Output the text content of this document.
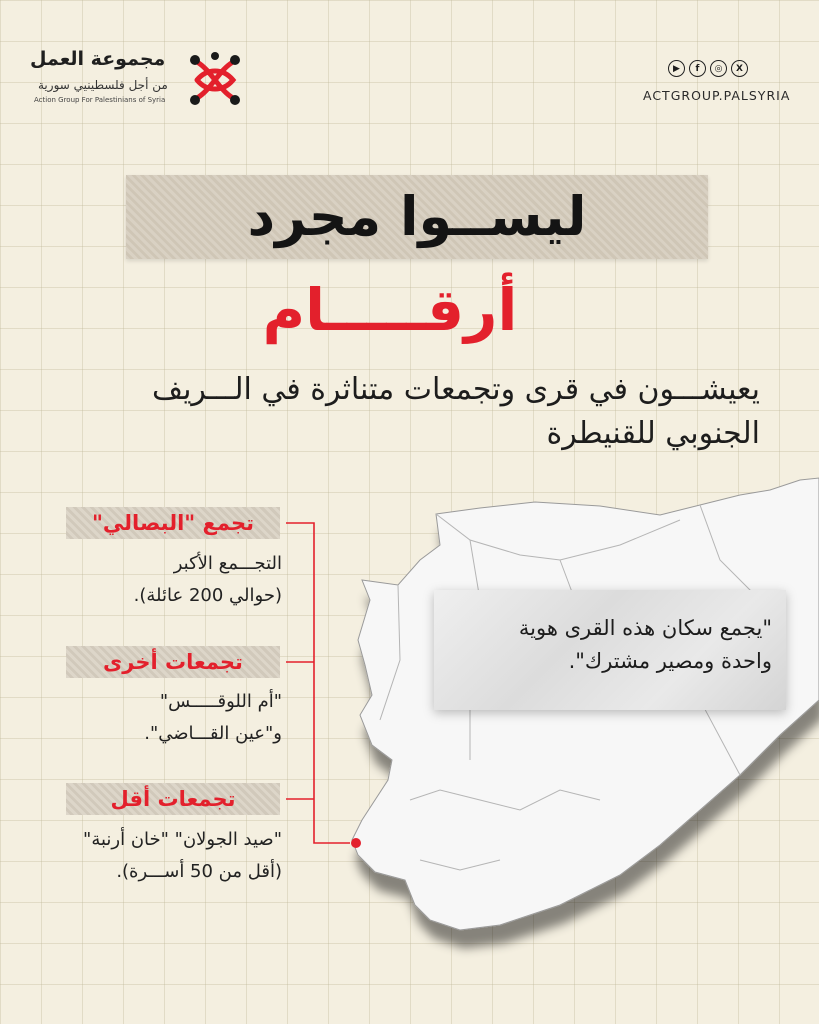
مجموعة العمل
من أجل فلسطينيي سورية
Action Group For Palestinians of Syria
▶	f	◎	X
ACTGROUP.PALSYRIA
ليســوا مجرد
أرقـــــام
يعيشـــون في قرى وتجمعات متناثرة في الـــريف
الجنوبي للقنيطرة
تجمع "البصالي"
التجـــمع الأكبر
(حوالي 200 عائلة).
تجمعات أخرى
"أم اللوقـــــس"
و"عين القـــاضي".
تجمعات أقل
"صيد الجولان" "خان أرنبة"
(أقل من 50 أســـرة).
"يجمع سكان هذه القرى هوية
واحدة ومصير مشترك".
